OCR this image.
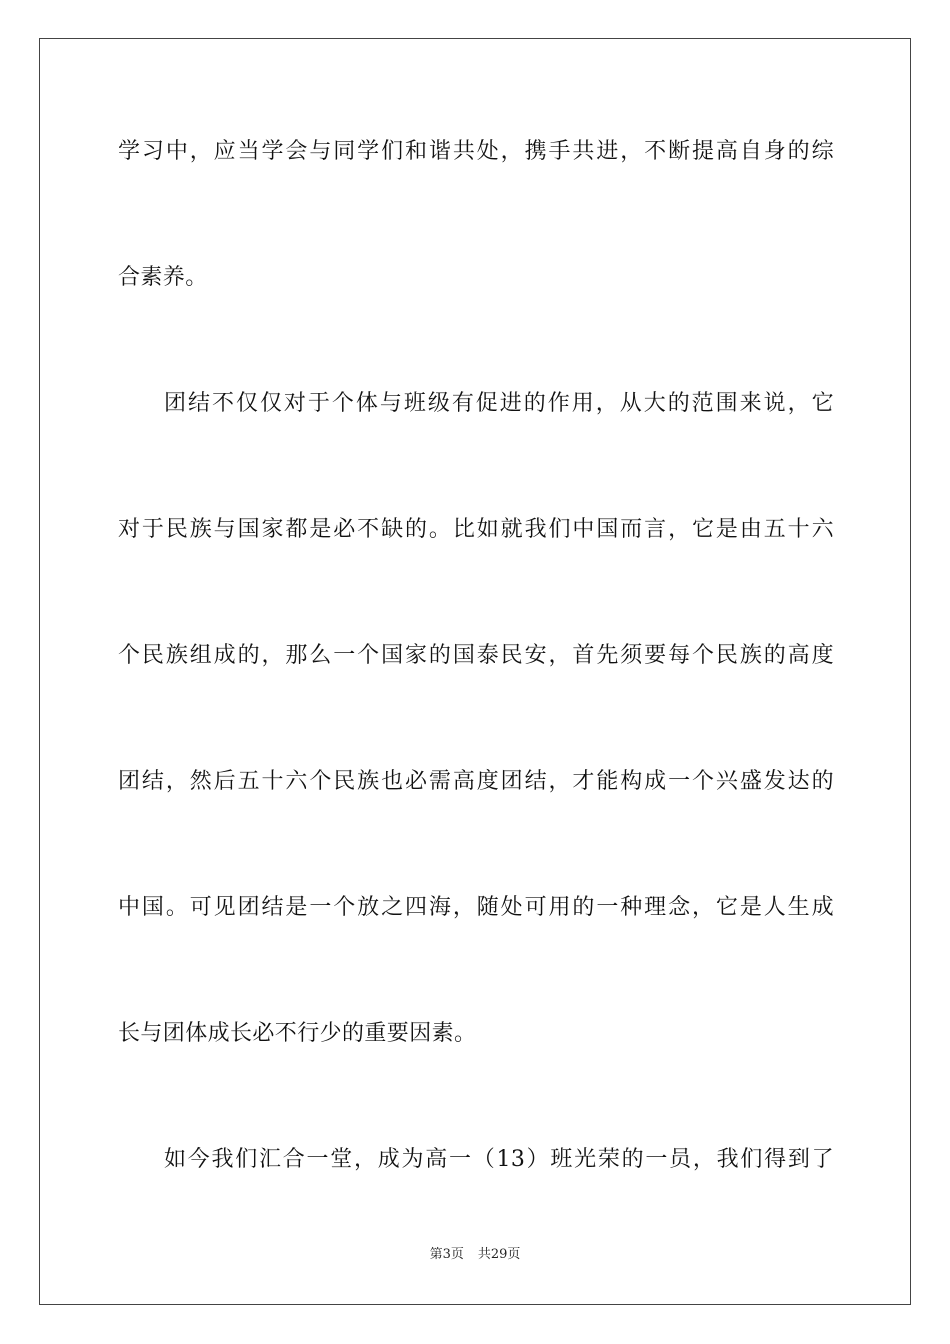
学习中，应当学会与同学们和谐共处，携手共进，不断提高自身的综
合素养。
团结不仅仅对于个体与班级有促进的作用，从大的范围来说，它
对于民族与国家都是必不缺的。比如就我们中国而言，它是由五十六
个民族组成的，那么一个国家的国泰民安，首先须要每个民族的高度
团结，然后五十六个民族也必需高度团结，才能构成一个兴盛发达的
中国。可见团结是一个放之四海，随处可用的一种理念，它是人生成
长与团体成长必不行少的重要因素。
如今我们汇合一堂，成为高一（13）班光荣的一员，我们得到了
第3页 共29页
